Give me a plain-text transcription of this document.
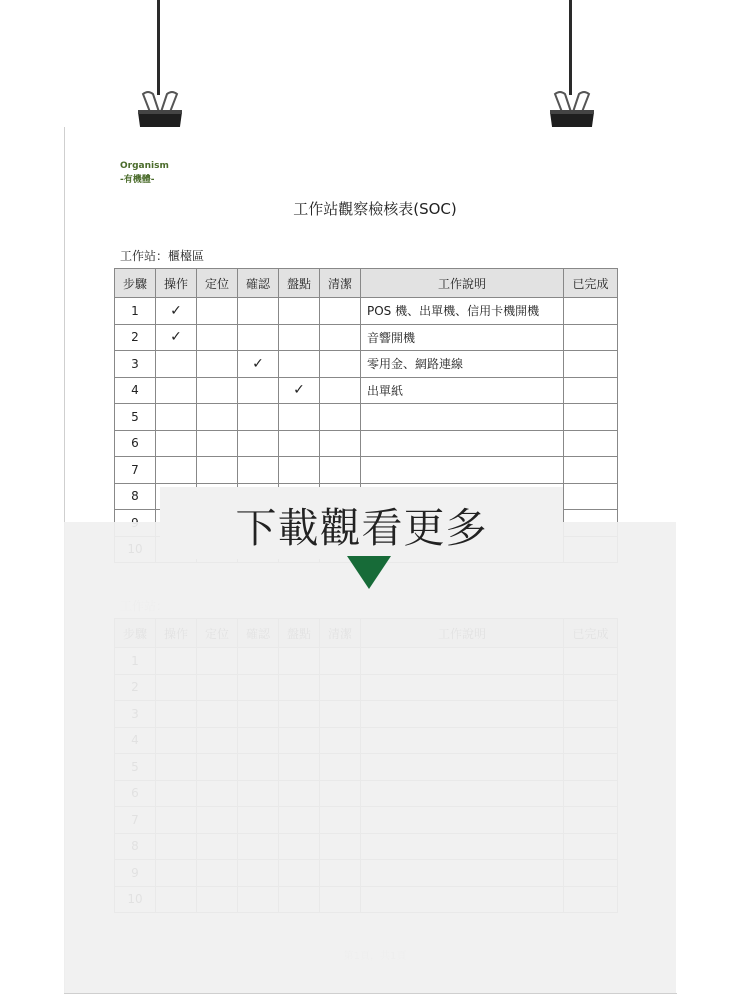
Organism
-有機體-
工作站觀察檢核表(SOC)
工作站：櫃檯區
步驟	操作	定位	確認	盤點	清潔	工作說明	已完成
1	✓					POS 機、出單機、信用卡機開機	
2	✓					音響開機	
3			✓			零用金、網路連線	
4				✓		出單紙	
5							
6							
7							
8							

下載觀看更多
